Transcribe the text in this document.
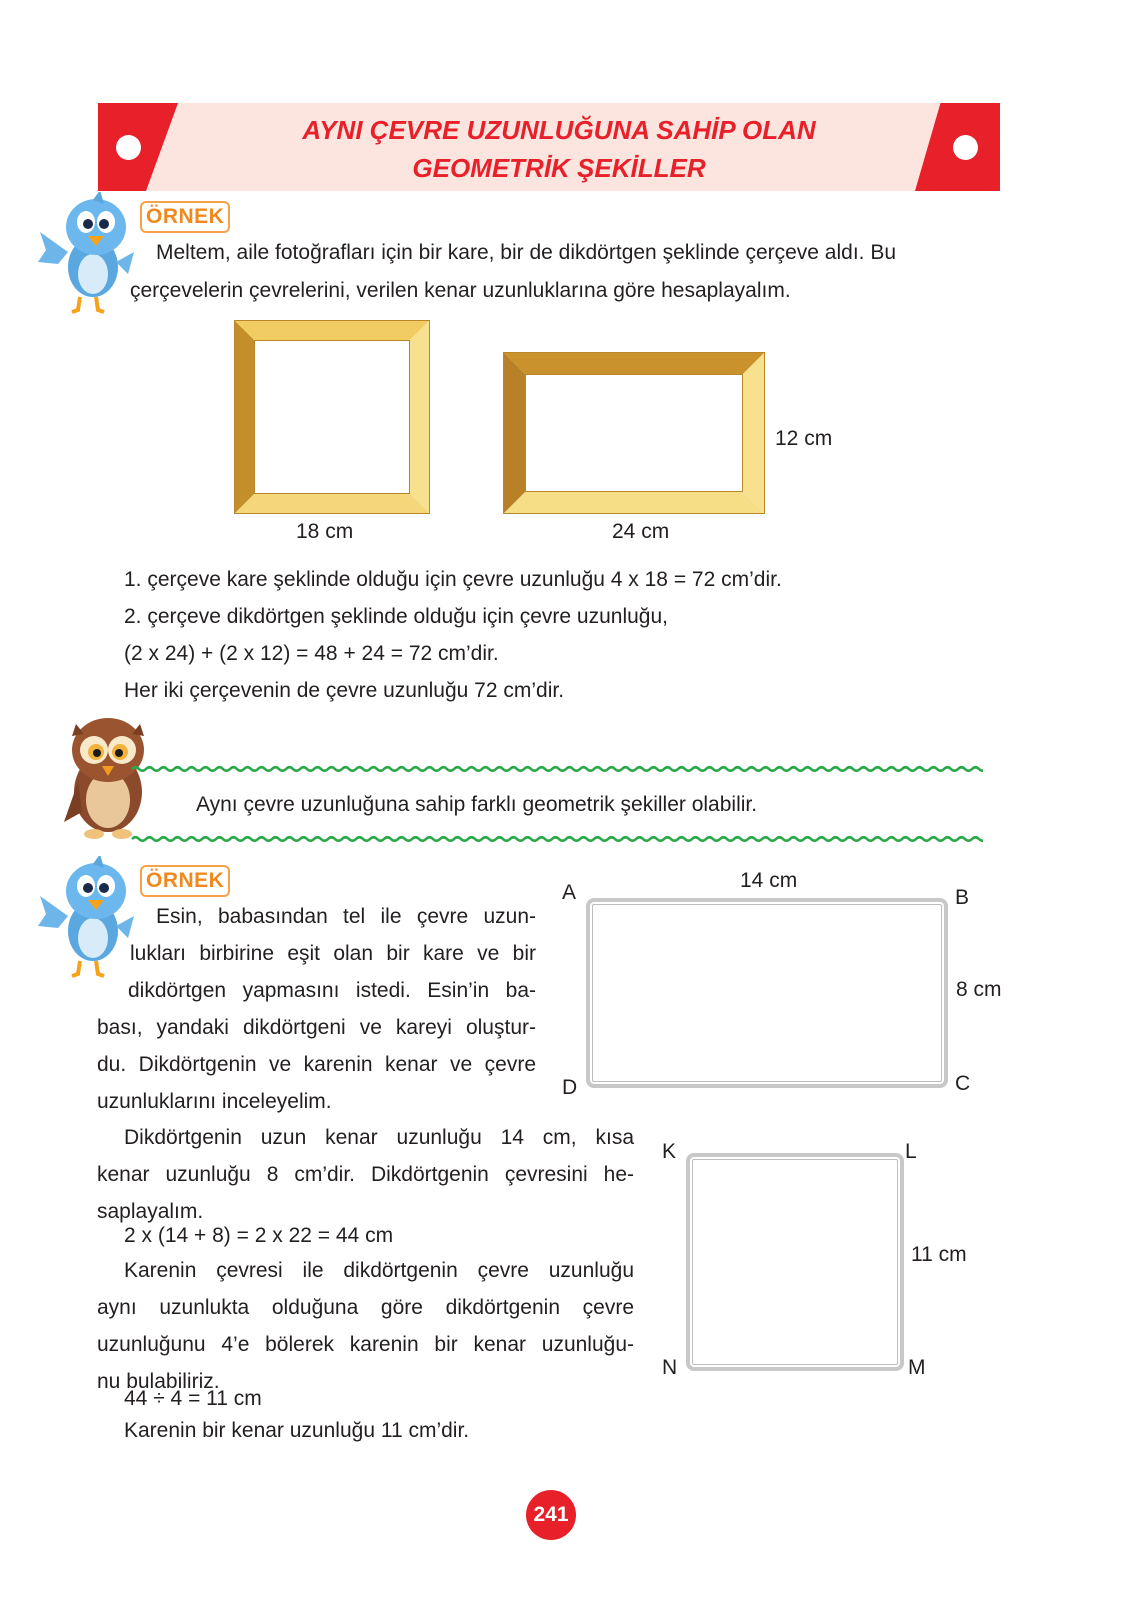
AYNI ÇEVRE UZUNLUĞUNA SAHİP OLAN
GEOMETRİK ŞEKİLLER
ÖRNEK
Meltem, aile fotoğrafları için bir kare, bir de dikdörtgen şeklinde çerçeve aldı. Bu
çerçevelerin çevrelerini, verilen kenar uzunluklarına göre hesaplayalım.
18 cm	24 cm
12 cm
1. çerçeve kare şeklinde olduğu için çevre uzunluğu 4 x 18 = 72 cm’dir.
2. çerçeve dikdörtgen şeklinde olduğu için çevre uzunluğu,
(2 x 24) + (2 x 12) = 48 + 24 = 72 cm’dir.
Her iki çerçevenin de çevre uzunluğu 72 cm’dir.
Aynı çevre uzunluğuna sahip farklı geometrik şekiller olabilir.
ÖRNEK
Esin, babasından tel ile çevre uzun-
lukları birbirine eşit olan bir kare ve bir
dikdörtgen yapmasını istedi. Esin’in ba-
bası, yandaki dikdörtgeni ve kareyi oluştur-
du. Dikdörtgenin ve karenin kenar ve çevre
uzunluklarını inceleyelim.
Dikdörtgenin uzun kenar uzunluğu 14 cm, kısa
kenar uzunluğu 8 cm’dir. Dikdörtgenin çevresini he-
saplayalım.
2 x (14 + 8) = 2 x 22 = 44 cm
Karenin çevresi ile dikdörtgenin çevre uzunluğu
aynı uzunlukta olduğuna göre dikdörtgenin çevre
uzunluğunu 4’e bölerek karenin bir kenar uzunluğu-
nu bulabiliriz.
44 ÷ 4 = 11 cm
Karenin bir kenar uzunluğu 11 cm’dir.
A	B
C
D
14 cm
8 cm
K	L
M
N
11 cm
241
